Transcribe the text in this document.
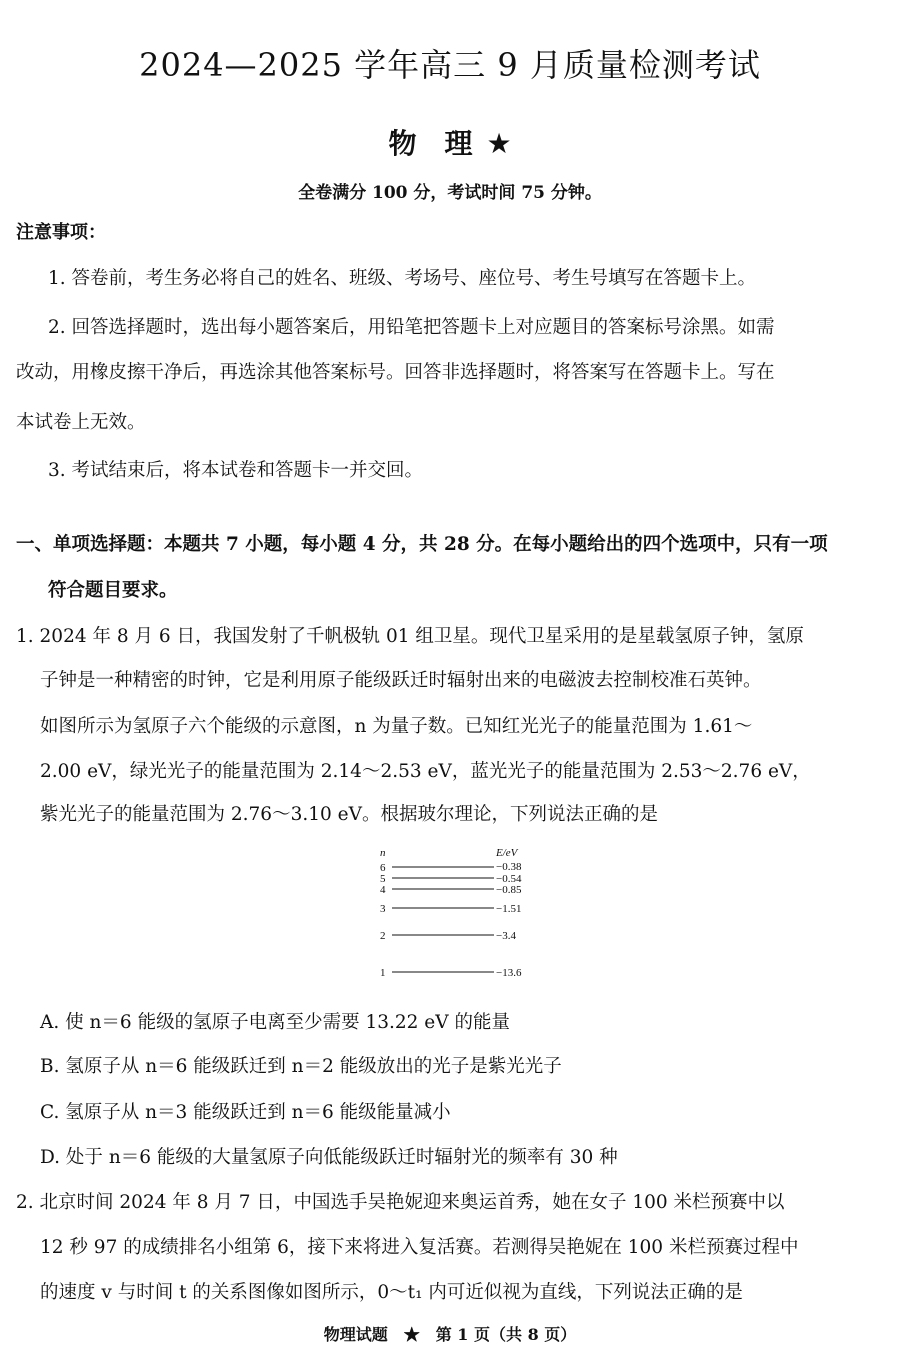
2024—2025 学年高三 9 月质量检测考试
物　理 ★
全卷满分 100 分，考试时间 75 分钟。
注意事项：
1. 答卷前，考生务必将自己的姓名、班级、考场号、座位号、考生号填写在答题卡上。
2. 回答选择题时，选出每小题答案后，用铅笔把答题卡上对应题目的答案标号涂黑。如需
改动，用橡皮擦干净后，再选涂其他答案标号。回答非选择题时，将答案写在答题卡上。写在
本试卷上无效。
3. 考试结束后，将本试卷和答题卡一并交回。
一、单项选择题：本题共 7 小题，每小题 4 分，共 28 分。在每小题给出的四个选项中，只有一项
符合题目要求。
1. 2024 年 8 月 6 日，我国发射了千帆极轨 01 组卫星。现代卫星采用的是星载氢原子钟，氢原
子钟是一种精密的时钟，它是利用原子能级跃迁时辐射出来的电磁波去控制校准石英钟。
如图所示为氢原子六个能级的示意图，n 为量子数。已知红光光子的能量范围为 1.61～
2.00 eV，绿光光子的能量范围为 2.14～2.53 eV，蓝光光子的能量范围为 2.53～2.76 eV，
紫光光子的能量范围为 2.76～3.10 eV。根据玻尔理论，下列说法正确的是
n	E/eV
6	−0.38
5	−0.54
4	−0.85
3	−1.51
2	−3.4
1	−13.6
A. 使 n＝6 能级的氢原子电离至少需要 13.22 eV 的能量
B. 氢原子从 n＝6 能级跃迁到 n＝2 能级放出的光子是紫光光子
C. 氢原子从 n＝3 能级跃迁到 n＝6 能级能量减小
D. 处于 n＝6 能级的大量氢原子向低能级跃迁时辐射光的频率有 30 种
2. 北京时间 2024 年 8 月 7 日，中国选手吴艳妮迎来奥运首秀，她在女子 100 米栏预赛中以
12 秒 97 的成绩排名小组第 6，接下来将进入复活赛。若测得吴艳妮在 100 米栏预赛过程中
的速度 v 与时间 t 的关系图像如图所示，0～t₁ 内可近似视为直线，下列说法正确的是
物理试题　★　第 1 页（共 8 页）
